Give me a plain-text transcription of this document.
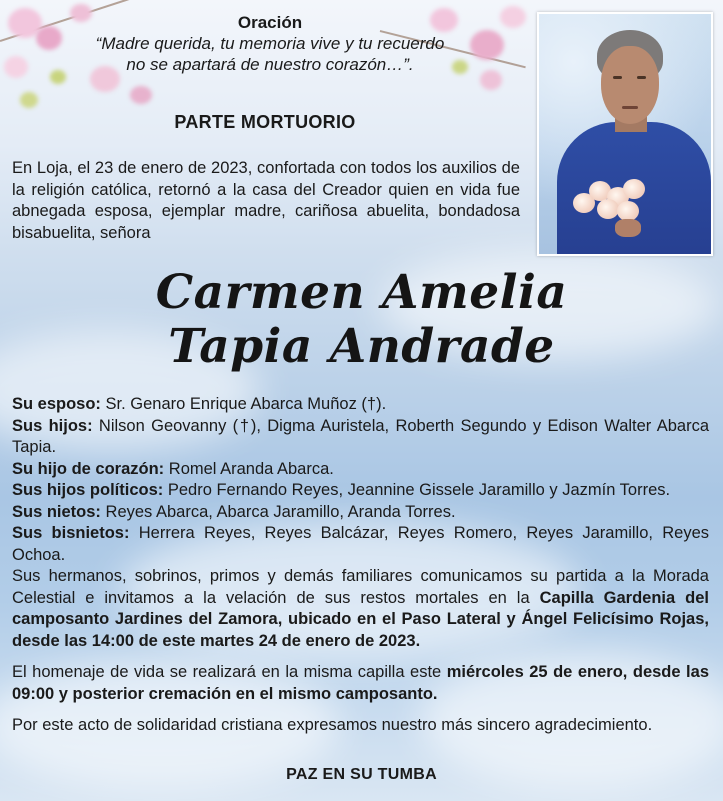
Oración
“Madre querida, tu memoria vive y tu recuerdo
no se apartará de nuestro corazón…”.
PARTE MORTUORIO
En Loja, el 23 de enero de 2023, confortada con todos los auxilios de la religión católica, retornó a la casa del Creador quien en vida fue abnegada esposa, ejemplar madre, cariñosa abuelita, bondadosa bisabuelita, señora
Carmen Amelia
Tapia Andrade

Su esposo: Sr. Genaro Enrique Abarca Muñoz (†).

Sus hijos: Nilson Geovanny (†), Digma Auristela, Roberth Segundo y Edison Walter Abarca Tapia.

Su hijo de corazón: Romel Aranda Abarca.

Sus hijos políticos: Pedro Fernando Reyes, Jeannine Gissele Jaramillo y Jazmín Torres.

Sus nietos: Reyes Abarca, Abarca Jaramillo, Aranda Torres.

Sus bisnietos: Herrera Reyes, Reyes Balcázar, Reyes Romero, Reyes Jaramillo, Reyes Ochoa.

Sus hermanos, sobrinos, primos y demás familiares comunicamos su partida a la Morada Celestial e invitamos a la velación de sus restos mortales en la Capilla Gardenia del camposanto Jardines del Zamora, ubicado en el Paso Lateral y Ángel Felicísimo Rojas, desde las 14:00 de este martes 24 de enero de 2023.

El homenaje de vida se realizará en la misma capilla este miércoles 25 de enero, desde las 09:00 y posterior cremación en el mismo camposanto.

Por este acto de solidaridad cristiana expresamos nuestro más sincero agradecimiento.

PAZ EN SU TUMBA
